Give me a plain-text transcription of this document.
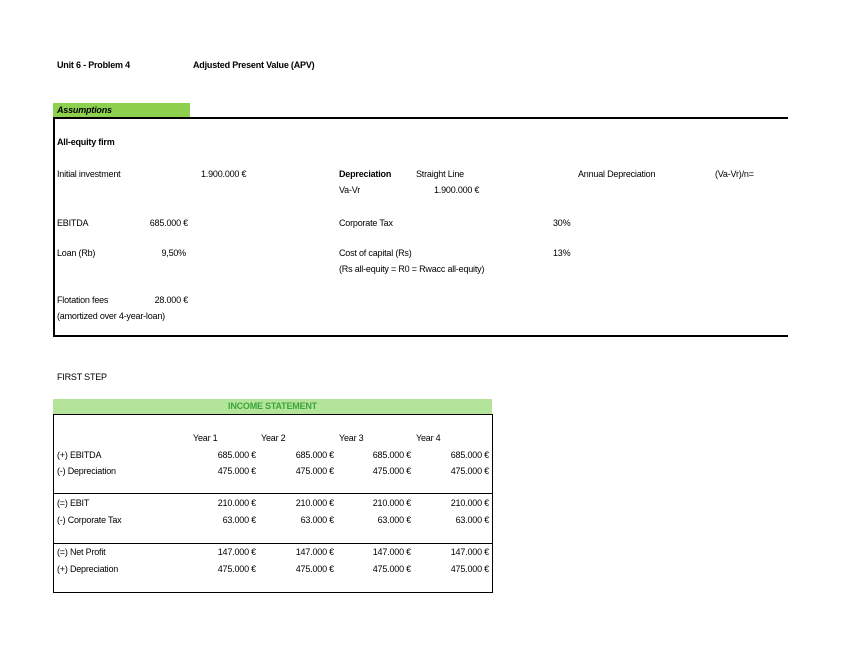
Unit 6 - Problem 4	Adjusted Present Value (APV)
Assumptions
All-equity firm
Initial investment	1.900.000 €	Depreciation	Straight Line	Annual Depreciation	(Va-Vr)/n=
Va-Vr	1.900.000 €
EBITDA	685.000 €	Corporate Tax	30%
Loan (Rb)	9,50%	Cost of capital (Rs)	13%
(Rs all-equity = R0 = Rwacc all-equity)
Flotation fees	28.000 €
(amortized over 4-year-loan)
FIRST STEP
INCOME STATEMENT
Year 1	Year 2	Year 3	Year 4
(+) EBITDA	685.000 €	685.000 €	685.000 €	685.000 €
(-) Depreciation	475.000 €	475.000 €	475.000 €	475.000 €
(=) EBIT	210.000 €	210.000 €	210.000 €	210.000 €
(-) Corporate Tax	63.000 €	63.000 €	63.000 €	63.000 €
(=) Net Profit	147.000 €	147.000 €	147.000 €	147.000 €
(+) Depreciation	475.000 €	475.000 €	475.000 €	475.000 €
